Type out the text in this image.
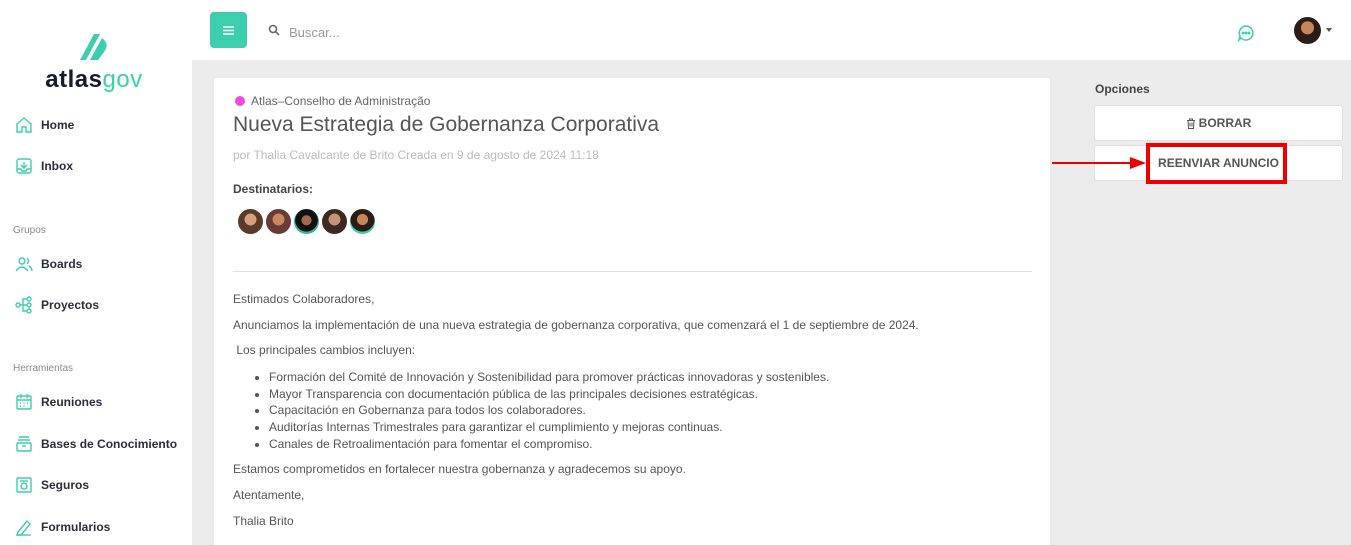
atlasgov
Home
Inbox
Grupos
Boards
Proyectos
Herramientas
Reuniones
Bases de Conocimiento
Seguros
Formularios
Buscar...
Atlas–Conselho de Administração
Nueva Estrategia de Gobernanza Corporativa
por Thalia Cavalcante de Brito Creada en 9 de agosto de 2024 11:18
Destinatarios:

Estimados Colaboradores,

Anunciamos la implementación de una nueva estrategia de gobernanza corporativa, que comenzará el 1 de septiembre de 2024.

Los principales cambios incluyen:

• Formación del Comité de Innovación y Sostenibilidad para promover prácticas innovadoras y sostenibles.
• Mayor Transparencia con documentación pública de las principales decisiones estratégicas.
• Capacitación en Gobernanza para todos los colaboradores.
• Auditorías Internas Trimestrales para garantizar el cumplimiento y mejoras continuas.
• Canales de Retroalimentación para fomentar el compromiso.

Estamos comprometidos en fortalecer nuestra gobernanza y agradecemos su apoyo.

Atentamente,

Thalia Brito

Opciones
BORRAR
REENVIAR ANUNCIO
